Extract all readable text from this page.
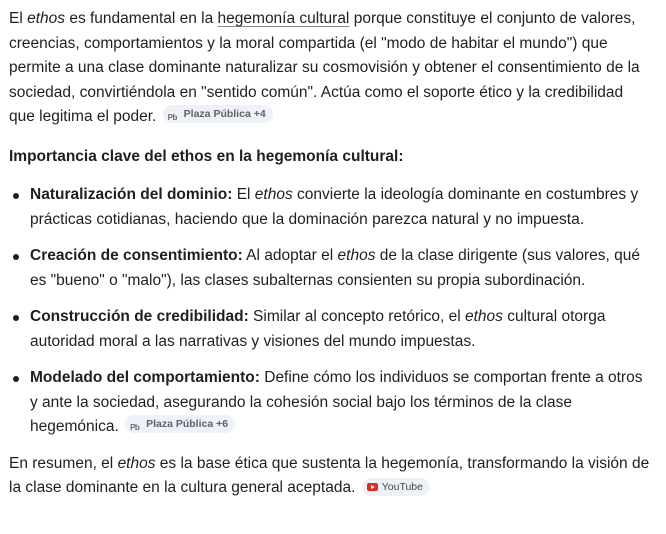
El ethos es fundamental en la hegemonía cultural porque constituye el conjunto de valores, creencias, comportamientos y la moral compartida (el "modo de habitar el mundo") que permite a una clase dominante naturalizar su cosmovisión y obtener el consentimiento de la sociedad, convirtiéndola en "sentido común". Actúa como el soporte ético y la credibilidad que legitima el poder. Pb Plaza Pública +4

Importancia clave del ethos en la hegemonía cultural:

Naturalización del dominio: El ethos convierte la ideología dominante en costumbres y prácticas cotidianas, haciendo que la dominación parezca natural y no impuesta.
Creación de consentimiento: Al adoptar el ethos de la clase dirigente (sus valores, qué es "bueno" o "malo"), las clases subalternas consienten su propia subordinación.
Construcción de credibilidad: Similar al concepto retórico, el ethos cultural otorga autoridad moral a las narrativas y visiones del mundo impuestas.
Modelado del comportamiento: Define cómo los individuos se comportan frente a otros y ante la sociedad, asegurando la cohesión social bajo los términos de la clase hegemónica. Pb Plaza Pública +6

En resumen, el ethos es la base ética que sustenta la hegemonía, transformando la visión de la clase dominante en la cultura general aceptada.	YouTube
